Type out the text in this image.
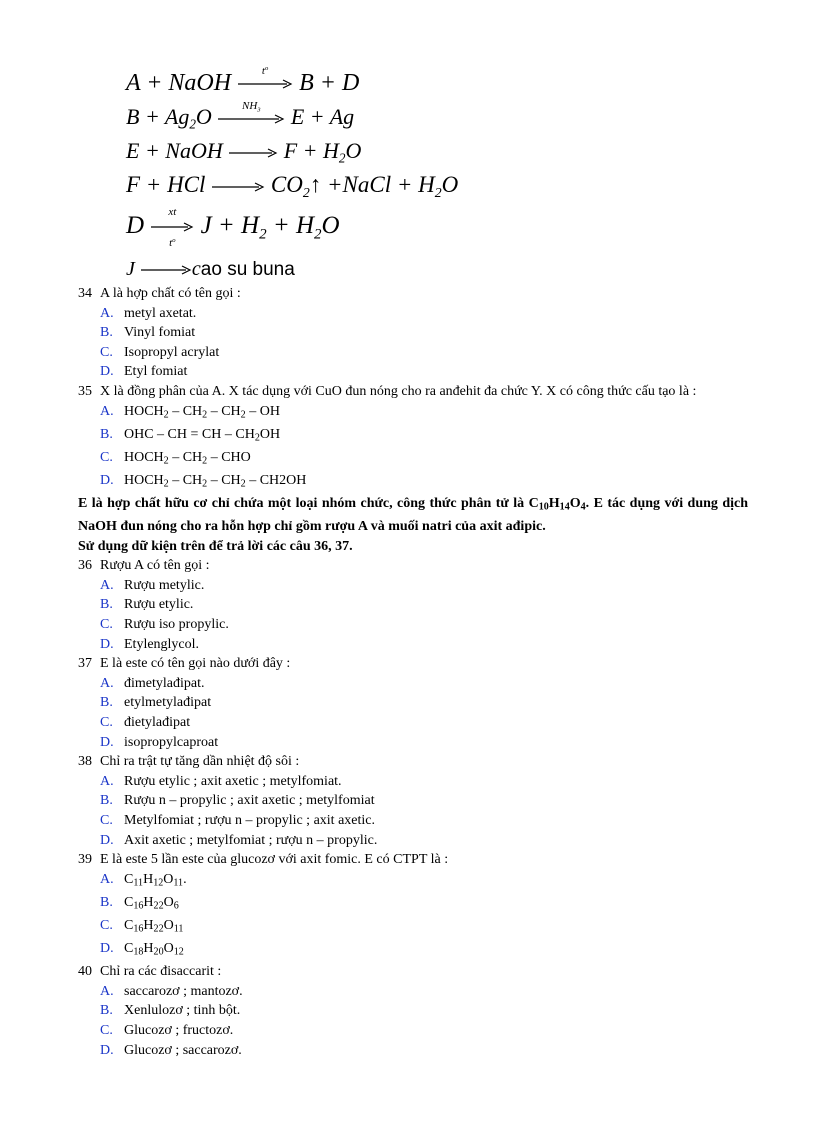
A + NaOH	$t^o$
B + D
$B + Ag_2O$	$NH_3$	E + Ag
E + NaOH	$F + H_2O$
F + HCl	$CO_2↑$ +NaCl + $H_2O$
D	xt
$t^o$
$J + H_2 + H_2O$
J	cao su buna
34 A là hợp chất có tên gọi :
A. metyl axetat.
B. Vinyl fomiat
C. Isopropyl acrylat
D. Etyl fomiat
35 X là đồng phân của A. X tác dụng với CuO đun nóng cho ra anđehit đa chức Y. X có công thức cấu tạo là :
A. HOCH2 – CH2 – CH2 – OH
B. OHC – CH = CH – CH2OH
C. HOCH2 – CH2 – CHO
D. HOCH2 – CH2 – CH2 – CH2OH
E là hợp chất hữu cơ chỉ chứa một loại nhóm chức, công thức phân tử là C10H14O4. E tác dụng với dung dịch NaOH đun nóng cho ra hỗn hợp chỉ gồm rượu A và muối natri của axit ađipic.
Sử dụng dữ kiện trên để trả lời các câu 36, 37.
36 Rượu A có tên gọi :
A. Rượu metylic.
B. Rượu etylic.
C. Rượu iso propylic.
D. Etylenglycol.
37 E là este có tên gọi nào dưới đây :
A. đimetylađipat.
B. etylmetylađipat
C. đietylađipat
D. isopropylcaproat
38 Chỉ ra trật tự tăng dần nhiệt độ sôi :
A. Rượu etylic ; axit axetic ; metylfomiat.
B. Rượu n – propylic ; axit axetic ; metylfomiat
C. Metylfomiat ; rượu n – propylic ; axit axetic.
D. Axit axetic ; metylfomiat ; rượu n – propylic.
39 E là este 5 lần este của glucozơ với axit fomic. E có CTPT là :
A. C11H12O11.
B. C16H22O6
C. C16H22O11
D. C18H20O12
40 Chỉ ra các đisaccarit :
A. saccarozơ ; mantozơ.
B. Xenlulozơ ; tinh bột.
C. Glucozơ ; fructozơ.
D. Glucozơ ; saccarozơ.
